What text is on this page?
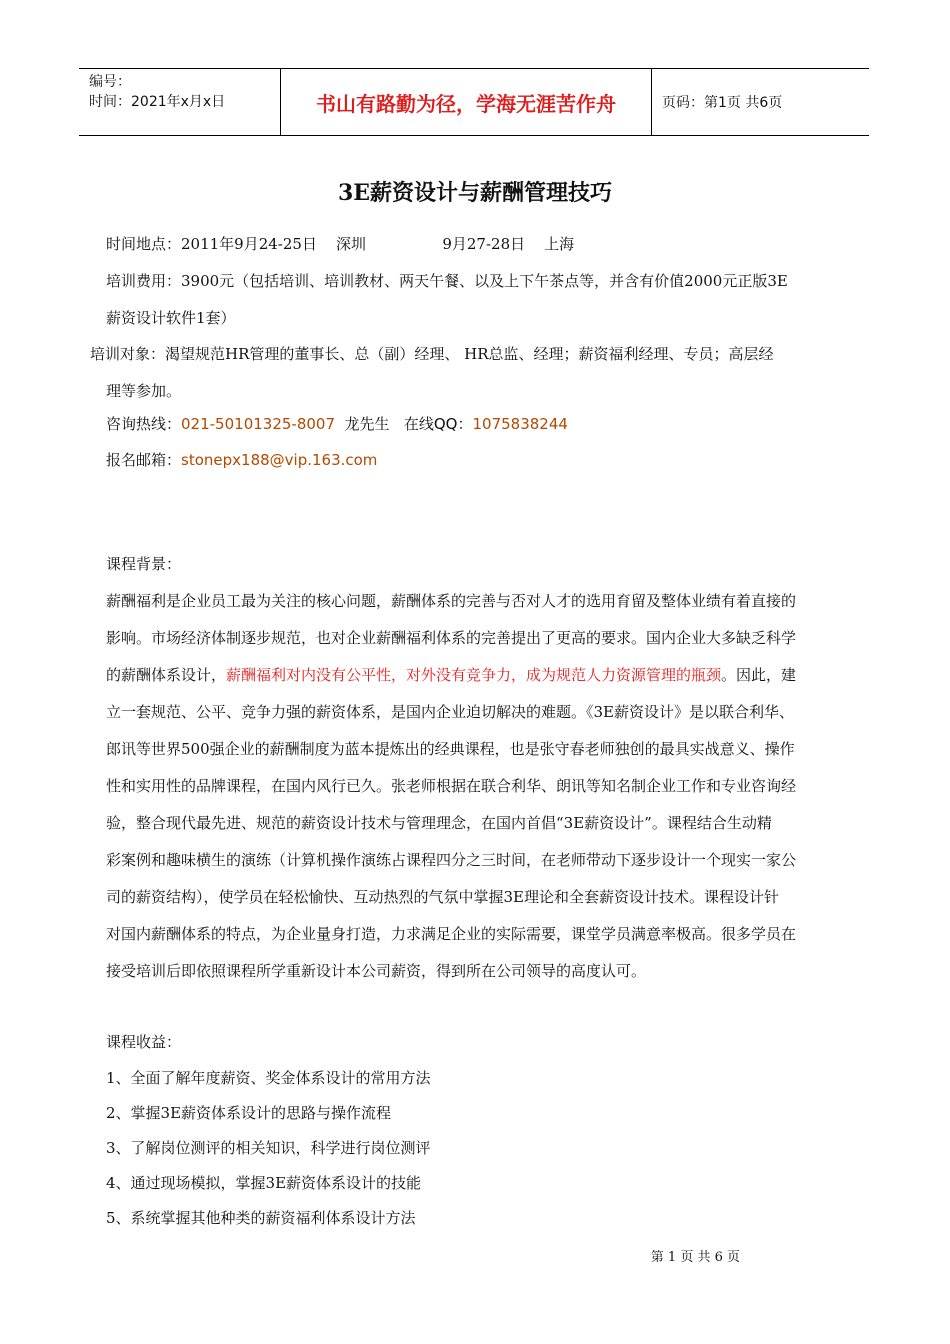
编号：
时间：2021年x月x日	书山有路勤为径，学海无涯苦作舟	页码：第1页 共6页
3E薪资设计与薪酬管理技巧
时间地点：2011年9月24-25日    深圳                9月27-28日    上海
培训费用：3900元（包括培训、培训教材、两天午餐、以及上下午茶点等，并含有价值2000元正版3E
薪资设计软件1套）
培训对象：渴望规范HR管理的董事长、总（副）经理、 HR总监、经理；薪资福利经理、专员；高层经
理等参加。
咨询热线：021-50101325-8007 龙先生 在线QQ：1075838244
报名邮箱：stonepx188@vip.163.com
课程背景：
薪酬福利是企业员工最为关注的核心问题，薪酬体系的完善与否对人才的选用育留及整体业绩有着直接的
影响。市场经济体制逐步规范，也对企业薪酬福利体系的完善提出了更高的要求。国内企业大多缺乏科学
的薪酬体系设计，薪酬福利对内没有公平性，对外没有竞争力，成为规范人力资源管理的瓶颈。因此，建
立一套规范、公平、竞争力强的薪资体系，是国内企业迫切解决的难题。《3E薪资设计》是以联合利华、
郎讯等世界500强企业的薪酬制度为蓝本提炼出的经典课程，也是张守春老师独创的最具实战意义、操作
性和实用性的品牌课程，在国内风行已久。张老师根据在联合利华、朗讯等知名制企业工作和专业咨询经
验，整合现代最先进、规范的薪资设计技术与管理理念，在国内首倡“3E薪资设计”。课程结合生动精
彩案例和趣味横生的演练（计算机操作演练占课程四分之三时间，在老师带动下逐步设计一个现实一家公
司的薪资结构），使学员在轻松愉快、互动热烈的气氛中掌握3E理论和全套薪资设计技术。课程设计针
对国内薪酬体系的特点，为企业量身打造，力求满足企业的实际需要，课堂学员满意率极高。很多学员在
接受培训后即依照课程所学重新设计本公司薪资，得到所在公司领导的高度认可。
课程收益：
1、全面了解年度薪资、奖金体系设计的常用方法
2、掌握3E薪资体系设计的思路与操作流程
3、了解岗位测评的相关知识，科学进行岗位测评
4、通过现场模拟，掌握3E薪资体系设计的技能
5、系统掌握其他种类的薪资福利体系设计方法
第 1 页 共 6 页
